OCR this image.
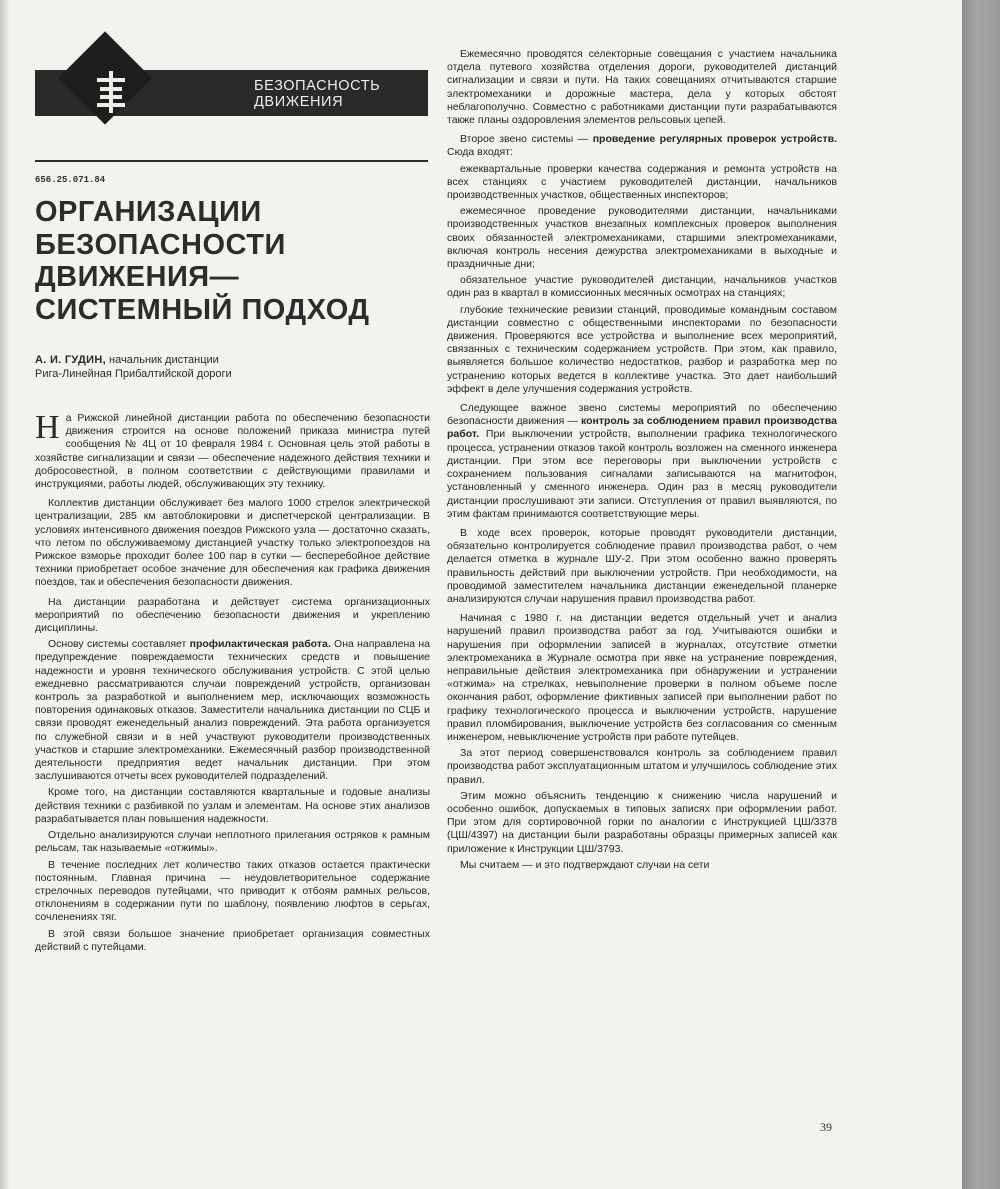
БЕЗОПАСНОСТЬ
ДВИЖЕНИЯ
656.25.071.84
ОРГАНИЗАЦИИ
БЕЗОПАСНОСТИ
ДВИЖЕНИЯ—
СИСТЕМНЫЙ ПОДХОД
А. И. ГУДИН, начальник дистанции
Рига-Линейная Прибалтийской дороги

На Рижской линейной дистанции работа по обеспечению безопасности движения строится на основе положений приказа министра путей сообщения № 4Ц от 10 февраля 1984 г. Основная цель этой работы в хозяйстве сигнализации и связи — обеспечение надежного действия техники и добросовестной, в полном соответствии с действующими правилами и инструкциями, работы людей, обслуживающих эту технику.

Коллектив дистанции обслуживает без малого 1000 стрелок электрической централизации, 285 км автоблокировки и диспетчерской централизации. В условиях интенсивного движения поездов Рижского узла — достаточно сказать, что летом по обслуживаемому дистанцией участку только электропоездов на Рижское взморье проходит более 100 пар в сутки — бесперебойное действие техники приобретает особое значение для обеспечения как графика движения поездов, так и обеспечения безопасности движения.

На дистанции разработана и действует система организационных мероприятий по обеспечению безопасности движения и укреплению дисциплины.

Основу системы составляет профилактическая работа. Она направлена на предупреждение повреждаемости технических средств и повышение надежности и уровня технического обслуживания устройств. С этой целью ежедневно рассматриваются случаи повреждений устройств, организован контроль за разработкой и выполнением мер, исключающих возможность повторения одинаковых отказов. Заместители начальника дистанции по СЦБ и связи проводят еженедельный анализ повреждений. Эта работа организуется по служебной связи и в ней участвуют руководители производственных участков и старшие электромеханики. Ежемесячный разбор производственной деятельности предприятия ведет начальник дистанции. При этом заслушиваются отчеты всех руководителей подразделений.

Кроме того, на дистанции составляются квартальные и годовые анализы действия техники с разбивкой по узлам и элементам. На основе этих анализов разрабатывается план повышения надежности.

Отдельно анализируются случаи неплотного прилегания остряков к рамным рельсам, так называемые «отжимы».

В течение последних лет количество таких отказов остается практически постоянным. Главная причина — неудовлетворительное содержание стрелочных переводов путейцами, что приводит к отбоям рамных рельсов, отклонениям в содержании пути по шаблону, появлению люфтов в серьгах, сочленениях тяг.

В этой связи большое значение приобретает организация совместных действий с путейцами.

Ежемесячно проводятся селекторные совещания с участием начальника отдела путевого хозяйства отделения дороги, руководителей дистанций сигнализации и связи и пути. На таких совещаниях отчитываются старшие электромеханики и дорожные мастера, дела у которых обстоят неблагополучно. Совместно с работниками дистанции пути разрабатываются также планы оздоровления элементов рельсовых цепей.

Второе звено системы — проведение регулярных проверок устройств. Сюда входят:

ежеквартальные проверки качества содержания и ремонта устройств на всех станциях с участием руководителей дистанции, начальников производственных участков, общественных инспекторов;

ежемесячное проведение руководителями дистанции, начальниками производственных участков внезапных комплексных проверок выполнения своих обязанностей электромеханиками, старшими электромеханиками, включая контроль несения дежурства электромеханиками в выходные и праздничные дни;

обязательное участие руководителей дистанции, начальников участков один раз в квартал в комиссионных месячных осмотрах на станциях;

глубокие технические ревизии станций, проводимые командным составом дистанции совместно с общественными инспекторами по безопасности движения. Проверяются все устройства и выполнение всех мероприятий, связанных с техническим содержанием устройств. При этом, как правило, выявляется большое количество недостатков, разбор и разработка мер по устранению которых ведется в коллективе участка. Это дает наибольший эффект в деле улучшения содержания устройств.

Следующее важное звено системы мероприятий по обеспечению безопасности движения — контроль за соблюдением правил производства работ. При выключении устройств, выполнении графика технологического процесса, устранении отказов такой контроль возложен на сменного инженера дистанции. При этом все переговоры при выключении устройств с сохранением пользования сигналами записываются на магнитофон, установленный у сменного инженера. Один раз в месяц руководители дистанции прослушивают эти записи. Отступления от правил выявляются, по этим фактам принимаются соответствующие меры.

В ходе всех проверок, которые проводят руководители дистанции, обязательно контролируется соблюдение правил производства работ, о чем делается отметка в журнале ШУ-2. При этом особенно важно проверять правильность действий при выключении устройств. При необходимости, на проводимой заместителем начальника дистанции еженедельной планерке анализируются случаи нарушения правил производства работ.

Начиная с 1980 г. на дистанции ведется отдельный учет и анализ нарушений правил производства работ за год. Учитываются ошибки и нарушения при оформлении записей в журналах, отсутствие отметки электромеханика в Журнале осмотра при явке на устранение повреждения, неправильные действия электромеханика при обнаружении и устранении «отжима» на стрелках, невыполнение проверки в полном объеме после окончания работ, оформление фиктивных записей при выполнении работ по графику технологического процесса и выключении устройств, нарушение правил пломбирования, выключение устройств без согласования со сменным инженером, невыключение устройств при работе путейцев.

За этот период совершенствовался контроль за соблюдением правил производства работ эксплуатационным штатом и улучшилось соблюдение этих правил.

Этим можно объяснить тенденцию к снижению числа нарушений и особенно ошибок, допускаемых в типовых записях при оформлении работ. При этом для сортировочной горки по аналогии с Инструкцией ЦШ/3378 (ЦШ/4397) на дистанции были разработаны образцы примерных записей как приложение к Инструкции ЦШ/3793.

Мы считаем — и это подтверждают случаи на сети

39
